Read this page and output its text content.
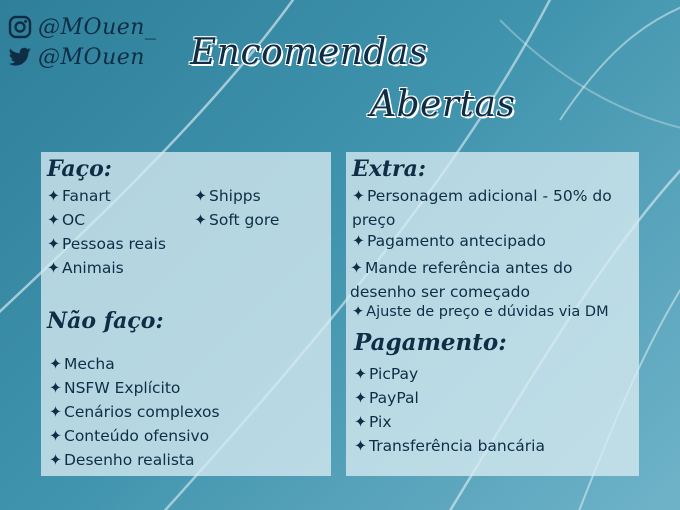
@MOuen_
@MOuen Encomendas
Abertas
Faço:
✦ Fanart
✦ OC
✦ Pessoas reais
✦ Animais
✦ Shipps
✦ Soft gore
Não faço:
✦ Mecha
✦ NSFW Explícito
✦ Cenários complexos
✦ Conteúdo ofensivo
✦ Desenho realista
Extra:
✦ Personagem adicional - 50% do preço
✦ Pagamento antecipado
✦ Mande referência antes do desenho ser começado
✦ Ajuste de preço e dúvidas via DM
Pagamento:
✦ PicPay
✦ PayPal
✦ Pix
✦ Transferência bancária
